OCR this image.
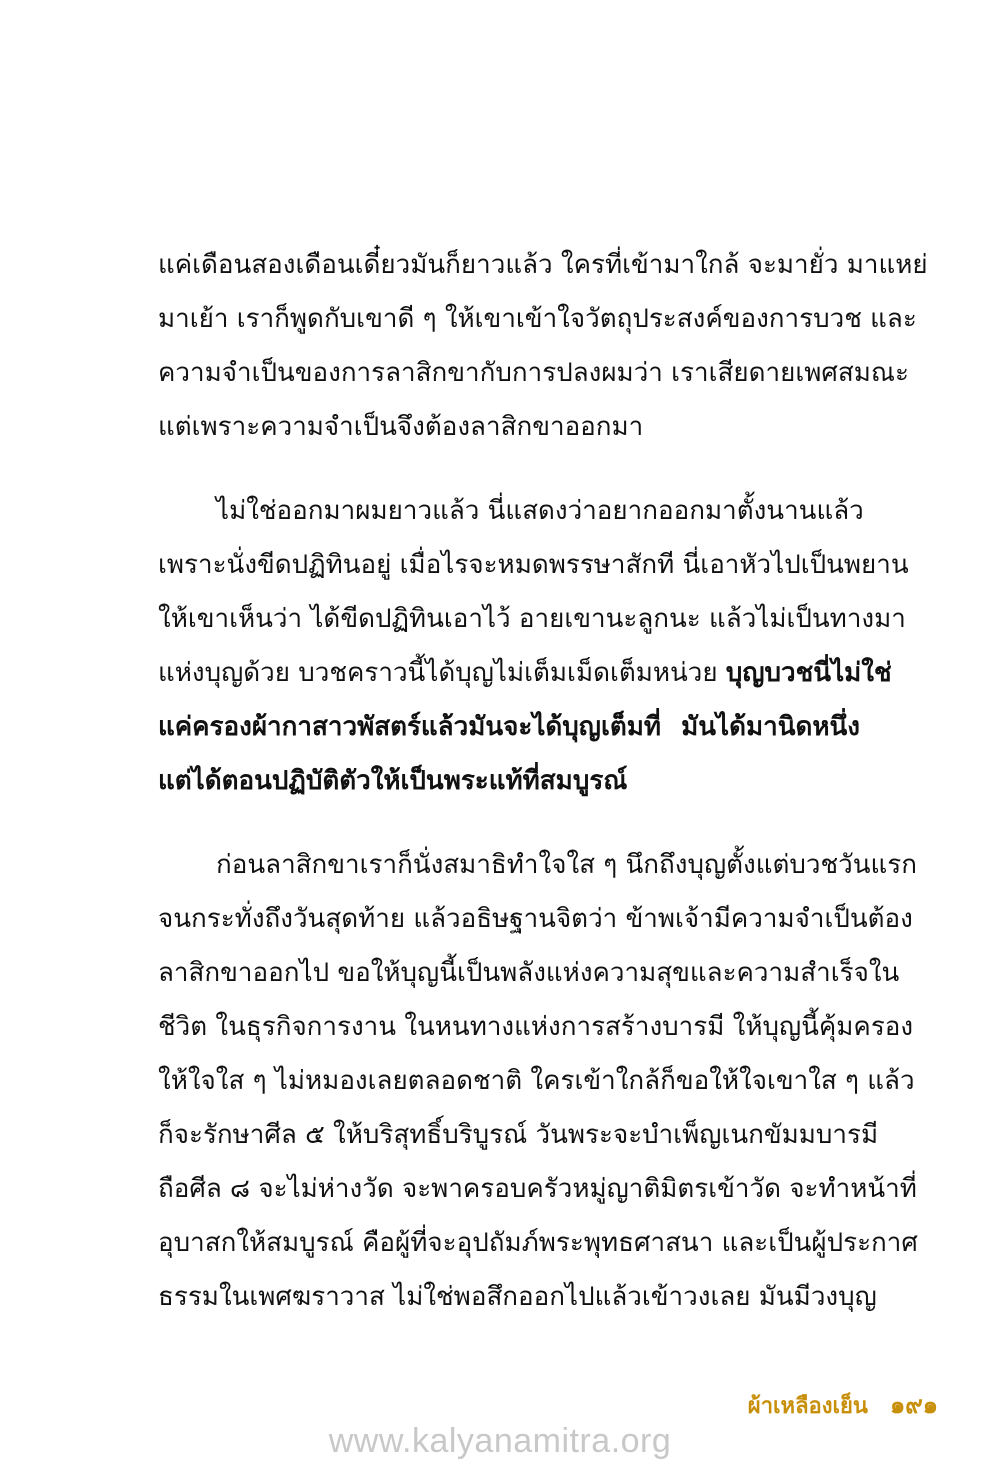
แค่เดือนสองเดือนเดี๋ยวมันก็ยาวแล้ว ใครที่เข้ามาใกล้ จะมายั่ว มาแหย่
มาเย้า เราก็พูดกับเขาดี ๆ ให้เขาเข้าใจวัตถุประสงค์ของการบวช และ
ความจำเป็นของการลาสิกขากับการปลงผมว่า เราเสียดายเพศสมณะ
แต่เพราะความจำเป็นจึงต้องลาสิกขาออกมา
ไม่ใช่ออกมาผมยาวแล้ว นี่แสดงว่าอยากออกมาตั้งนานแล้ว
เพราะนั่งขีดปฏิทินอยู่ เมื่อไรจะหมดพรรษาสักที นี่เอาหัวไปเป็นพยาน
ให้เขาเห็นว่า ได้ขีดปฏิทินเอาไว้ อายเขานะลูกนะ แล้วไม่เป็นทางมา
แห่งบุญด้วย บวชคราวนี้ได้บุญไม่เต็มเม็ดเต็มหน่วย บุญบวชนี่ไม่ใช่
แค่ครองผ้ากาสาวพัสตร์แล้วมันจะได้บุญเต็มที่ มันได้มานิดหนึ่ง
แต่ได้ตอนปฏิบัติตัวให้เป็นพระแท้ที่สมบูรณ์
ก่อนลาสิกขาเราก็นั่งสมาธิทำใจใส ๆ นึกถึงบุญตั้งแต่บวชวันแรก
จนกระทั่งถึงวันสุดท้าย แล้วอธิษฐานจิตว่า ข้าพเจ้ามีความจำเป็นต้อง
ลาสิกขาออกไป ขอให้บุญนี้เป็นพลังแห่งความสุขและความสำเร็จใน
ชีวิต ในธุรกิจการงาน ในหนทางแห่งการสร้างบารมี ให้บุญนี้คุ้มครอง
ให้ใจใส ๆ ไม่หมองเลยตลอดชาติ ใครเข้าใกล้ก็ขอให้ใจเขาใส ๆ แล้ว
ก็จะรักษาศีล ๕ ให้บริสุทธิ์บริบูรณ์ วันพระจะบำเพ็ญเนกขัมมบารมี
ถือศีล ๘ จะไม่ห่างวัด จะพาครอบครัวหมู่ญาติมิตรเข้าวัด จะทำหน้าที่
อุบาสกให้สมบูรณ์ คือผู้ที่จะอุปถัมภ์พระพุทธศาสนา และเป็นผู้ประกาศ
ธรรมในเพศฆราวาส ไม่ใช่พอสึกออกไปแล้วเข้าวงเลย มันมีวงบุญ
ผ้าเหลืองเย็น ๑๙๑
www.kalyanamitra.org
